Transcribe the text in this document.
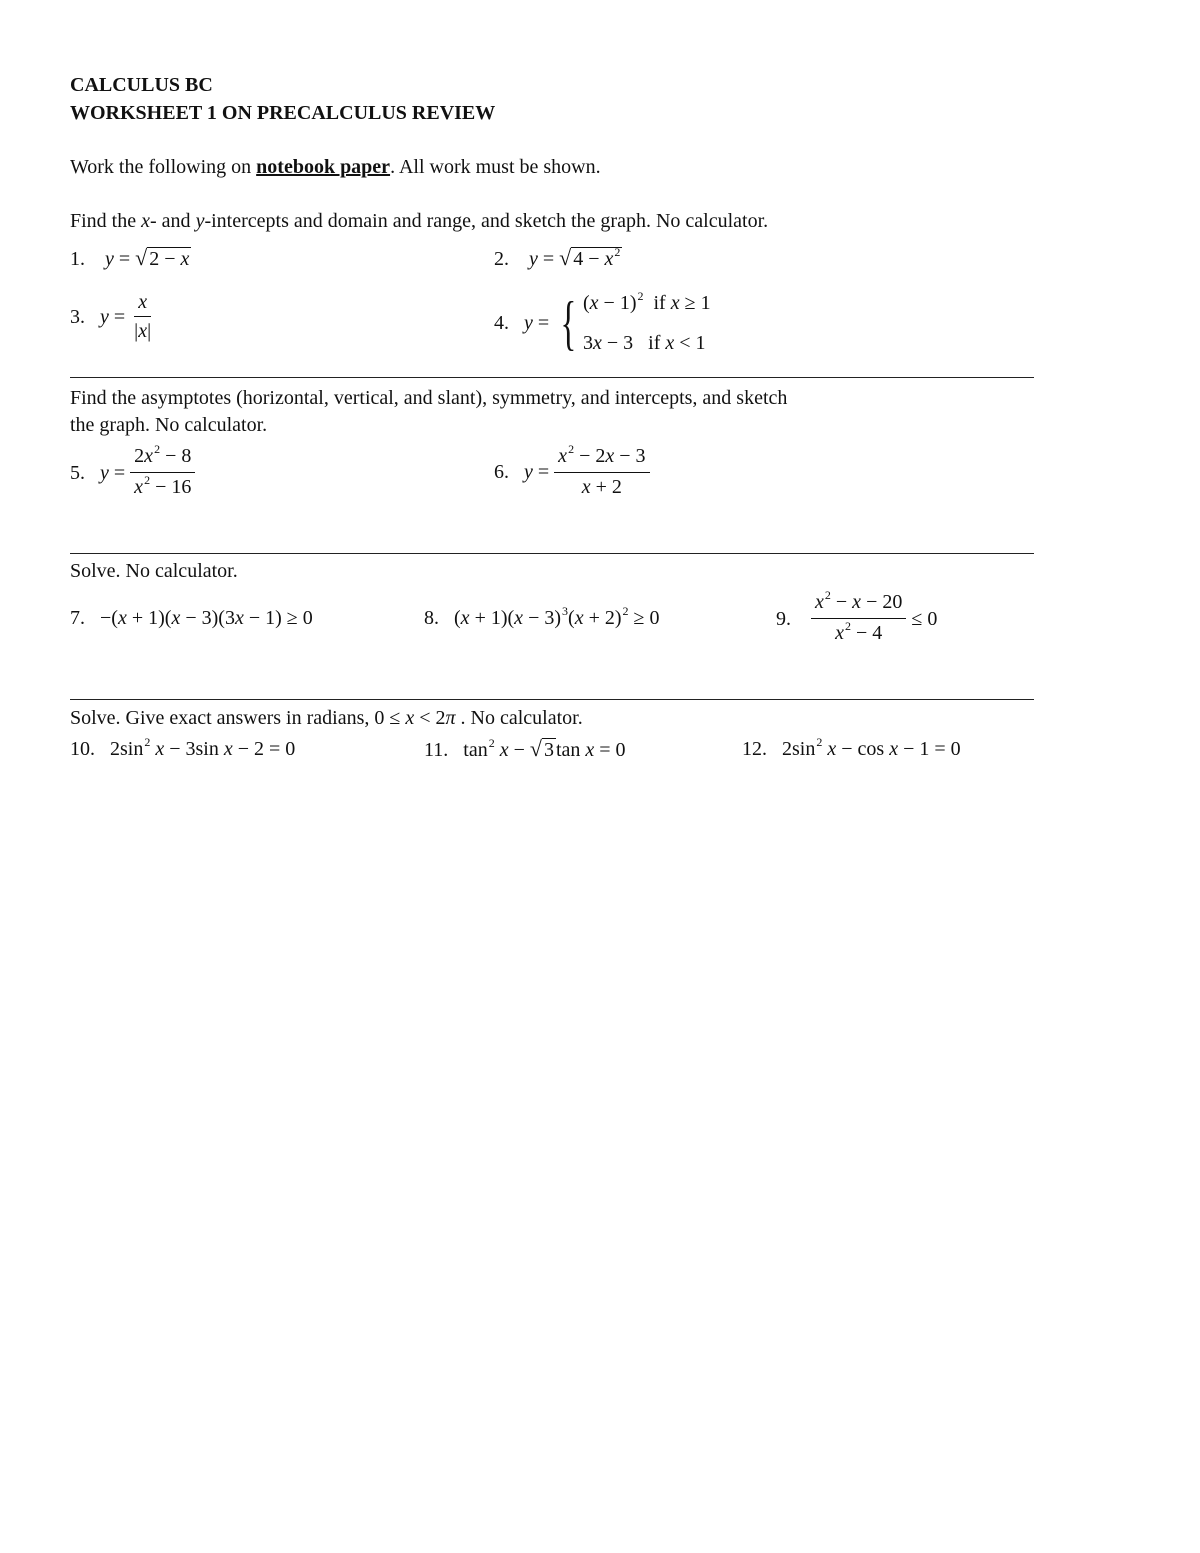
CALCULUS BC
WORKSHEET 1 ON PRECALCULUS REVIEW
Work the following on notebook paper. All work must be shown.
Find the x- and y-intercepts and domain and range, and sketch the graph. No calculator.
1. y = √ 2 − x	2. y = √ $4 - x^2$
3.
$y = \frac{x}{|x|}$	4.
y = { $(x - 1)^2$ if x ≥ 1
3x − 3   if x < 1
Find the asymptotes (horizontal, vertical, and slant), symmetry, and intercepts, and sketch
the graph. No calculator.
5.
$y = \frac{2x^2 - 8}{x^2 - 16}$	6.
$y = \frac{x^2 - 2x - 3}{x + 2}$
Solve. No calculator.
7.   −(x + 1)(x − 3)(3x − 1) ≥ 0	8.   $(x + 1)(x - 3)^3(x + 2)^2 \ge 0$	9.
$\frac{x^2 - x - 20}{x^2 - 4} \le 0$
Solve. Give exact answers in radians, 0 ≤ x < 2π . No calculator.
10.   $2\sin^2$ x − 3sin x − 2 = 0	11.   $\tan^2 x$ − √ 3 tan x = 0	12.   $2\sin^2$ x − cos x − 1 = 0
